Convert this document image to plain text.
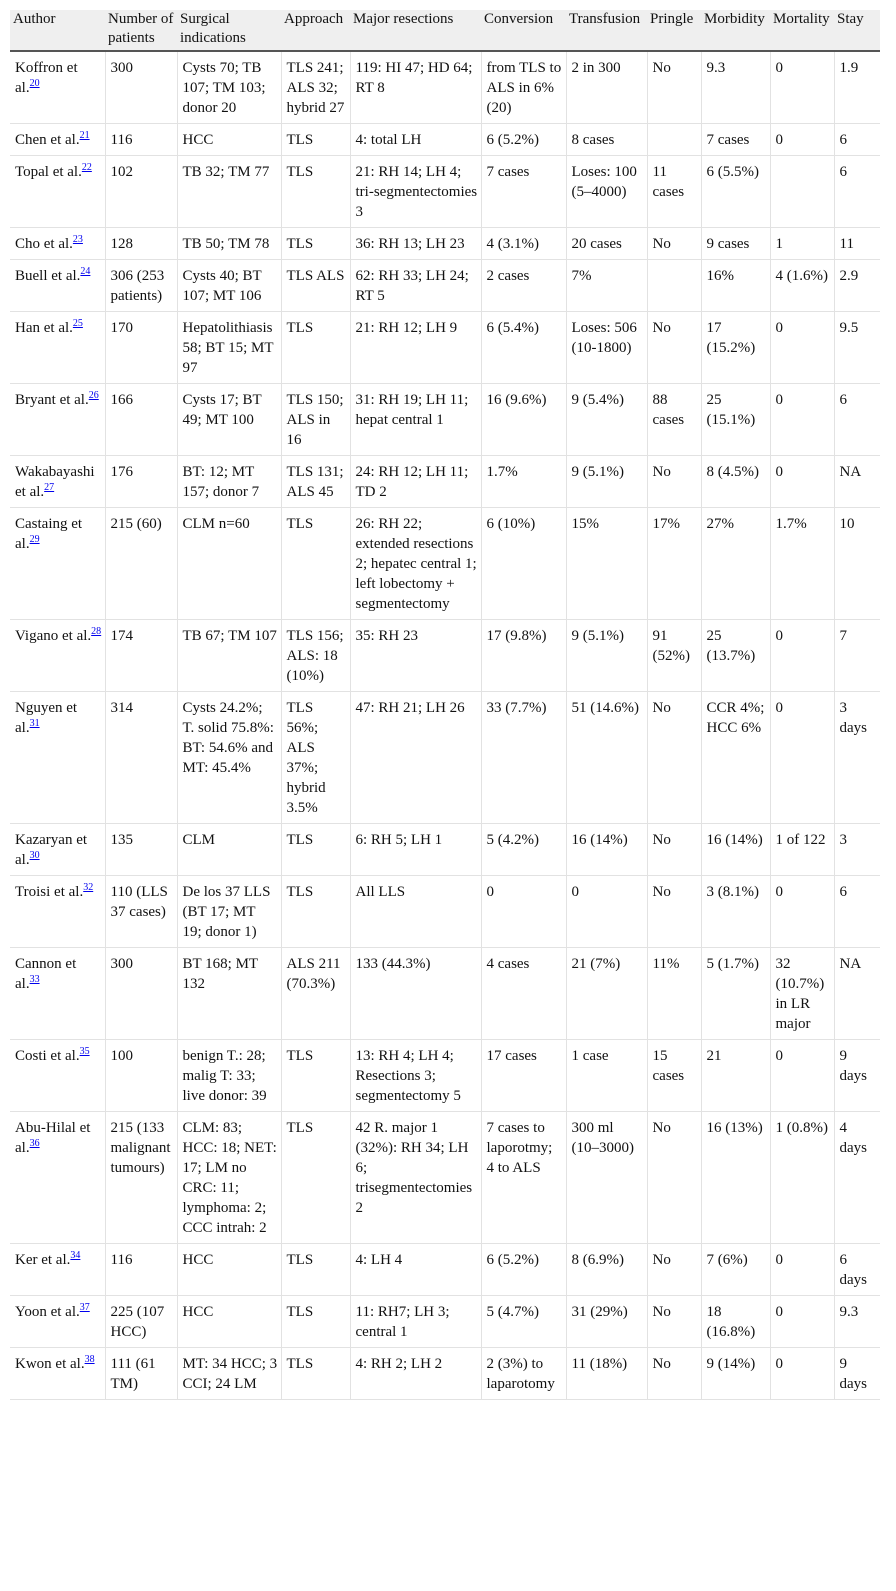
Author	Number of patients	Surgical indications	Approach	Major resections	Conversion	Transfusion	Pringle	Morbidity	Mortality	Stay
Koffron et al.$^{20}$	300	Cysts 70; TB 107; TM 103; donor 20	TLS 241; ALS 32; hybrid 27	119: HI 47; HD 64; RT 8	from TLS to ALS in 6% (20)	2 in 300	No	9.3	0	1.9
Chen et al.$^{21}$	116	HCC	TLS	4: total LH	6 (5.2%)	8 cases		7 cases	0	6
Topal et al.$^{22}$	102	TB 32; TM 77	TLS	21: RH 14; LH 4; tri-segmentectomies 3	7 cases	Loses: 100 (5–4000)	11 cases	6 (5.5%)		6
Cho et al.$^{23}$	128	TB 50; TM 78	TLS	36: RH 13; LH 23	4 (3.1%)	20 cases	No	9 cases	1	11
Buell et al.$^{24}$	306 (253 patients)	Cysts 40; BT 107; MT 106	TLS ALS	62: RH 33; LH 24; RT 5	2 cases	7%		16%	4 (1.6%)	2.9
Han et al.$^{25}$	170	Hepatolithiasis 58; BT 15; MT 97	TLS	21: RH 12; LH 9	6 (5.4%)	Loses: 506 (10-1800)	No	17 (15.2%)	0	9.5
Bryant et al.$^{26}$	166	Cysts 17; BT 49; MT 100	TLS 150; ALS in 16	31: RH 19; LH 11; hepat central 1	16 (9.6%)	9 (5.4%)	88 cases	25 (15.1%)	0	6
Wakabayashi et al.$^{27}$	176	BT: 12; MT 157; donor 7	TLS 131; ALS 45	24: RH 12; LH 11; TD 2	1.7%	9 (5.1%)	No	8 (4.5%)	0	NA
Castaing et al.$^{29}$	215 (60)	CLM n=60	TLS	26: RH 22; extended resections 2; hepatec central 1; left lobectomy + segmentectomy	6 (10%)	15%	17%	27%	1.7%	10
Vigano et al.$^{28}$	174	TB 67; TM 107	TLS 156; ALS: 18 (10%)	35: RH 23	17 (9.8%)	9 (5.1%)	91 (52%)	25 (13.7%)	0	7
Nguyen et al.$^{31}$	314	Cysts 24.2%; T. solid 75.8%: BT: 54.6% and MT: 45.4%	TLS 56%; ALS 37%; hybrid 3.5%	47: RH 21; LH 26	33 (7.7%)	51 (14.6%)	No	CCR 4%; HCC 6%	0	3 days
Kazaryan et al.$^{30}$	135	CLM	TLS	6: RH 5; LH 1	5 (4.2%)	16 (14%)	No	16 (14%)	1 of 122	3
Troisi et al.$^{32}$	110 (LLS 37 cases)	De los 37 LLS (BT 17; MT 19; donor 1)	TLS	All LLS	0	0	No	3 (8.1%)	0	6
Cannon et al.$^{33}$	300	BT 168; MT 132	ALS 211 (70.3%)	133 (44.3%)	4 cases	21 (7%)	11%	5 (1.7%)	32 (10.7%) in LR major	NA
Costi et al.$^{35}$	100	benign T.: 28; malig T: 33; live donor: 39	TLS	13: RH 4; LH 4; Resections 3; segmentectomy 5	17 cases	1 case	15 cases	21	0	9 days
Abu-Hilal et al.$^{36}$	215 (133 malignant tumours)	CLM: 83; HCC: 18; NET: 17; LM no CRC: 11; lymphoma: 2; CCC intrah: 2	TLS	42 R. major 1 (32%): RH 34; LH 6; trisegmentectomies 2	7 cases to laporotmy; 4 to ALS	300 ml (10–3000)	No	16 (13%)	1 (0.8%)	4 days
Ker et al.$^{34}$	116	HCC	TLS	4: LH 4	6 (5.2%)	8 (6.9%)	No	7 (6%)	0	6 days
Yoon et al.$^{37}$	225 (107 HCC)	HCC	TLS	11: RH7; LH 3; central 1	5 (4.7%)	31 (29%)	No	18 (16.8%)	0	9.3
Kwon et al.$^{38}$	111 (61 TM)	MT: 34 HCC; 3 CCI; 24 LM	TLS	4: RH 2; LH 2	2 (3%) to laparotomy	11 (18%)	No	9 (14%)	0	9 days
